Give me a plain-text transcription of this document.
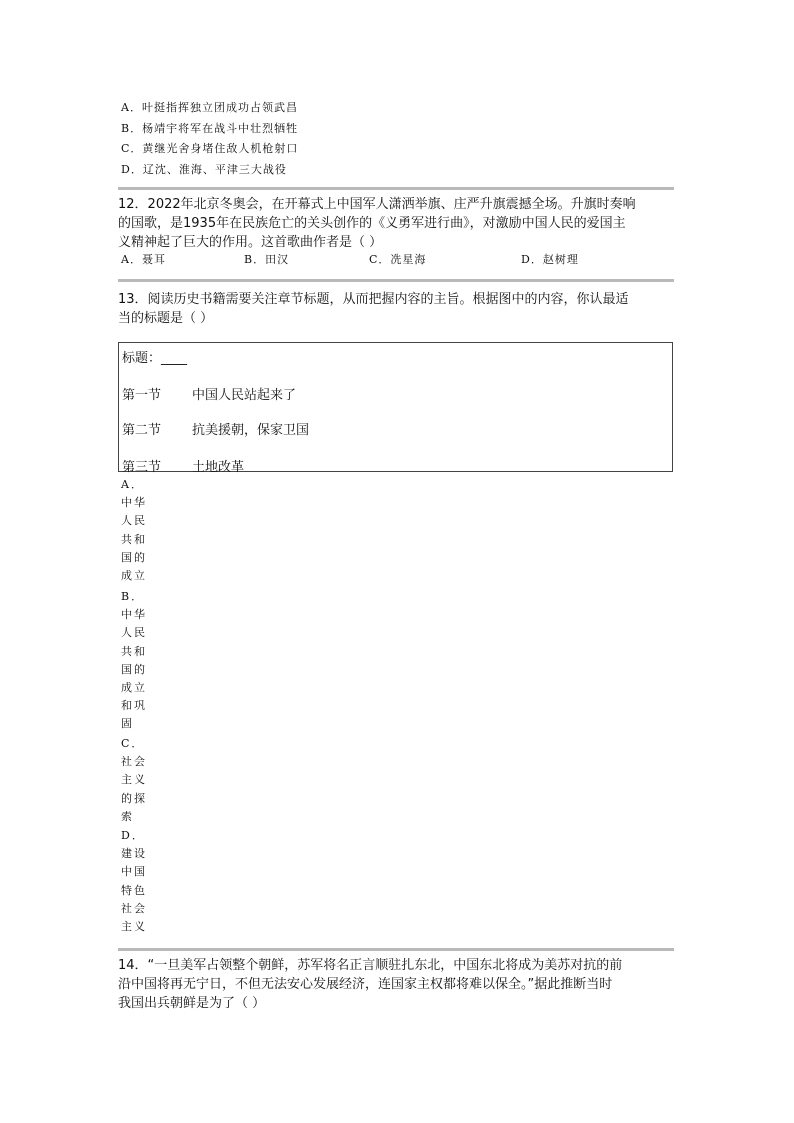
A．叶挺指挥独立团成功占领武昌
B．杨靖宇将军在战斗中壮烈牺牲
C．黄继光舍身堵住敌人机枪射口
D．辽沈、淮海、平津三大战役
12．2022年北京冬奥会，在开幕式上中国军人潇洒举旗、庄严升旗震撼全场。升旗时奏响
的国歌，是1935年在民族危亡的关头创作的《义勇军进行曲》，对激励中国人民的爱国主
义精神起了巨大的作用。这首歌曲作者是（ ）
A．聂耳	B．田汉	C．冼星海	D．赵树理
13．阅读历史书籍需要关注章节标题，从而把握内容的主旨。根据图中的内容，你认最适
当的标题是（ ）
标题：____
第一节 中国人民站起来了
第二节 抗美援朝，保家卫国
第三节 土地改革
A．中华人民共和国的成立
B．中华人民共和国的成立和巩固
C．社会主义的探索
D．建设中国特色社会主义
14．“一旦美军占领整个朝鲜，苏军将名正言顺驻扎东北，中国东北将成为美苏对抗的前
沿中国将再无宁日，不但无法安心发展经济，连国家主权都将难以保全。”据此推断当时
我国出兵朝鲜是为了（ ）
